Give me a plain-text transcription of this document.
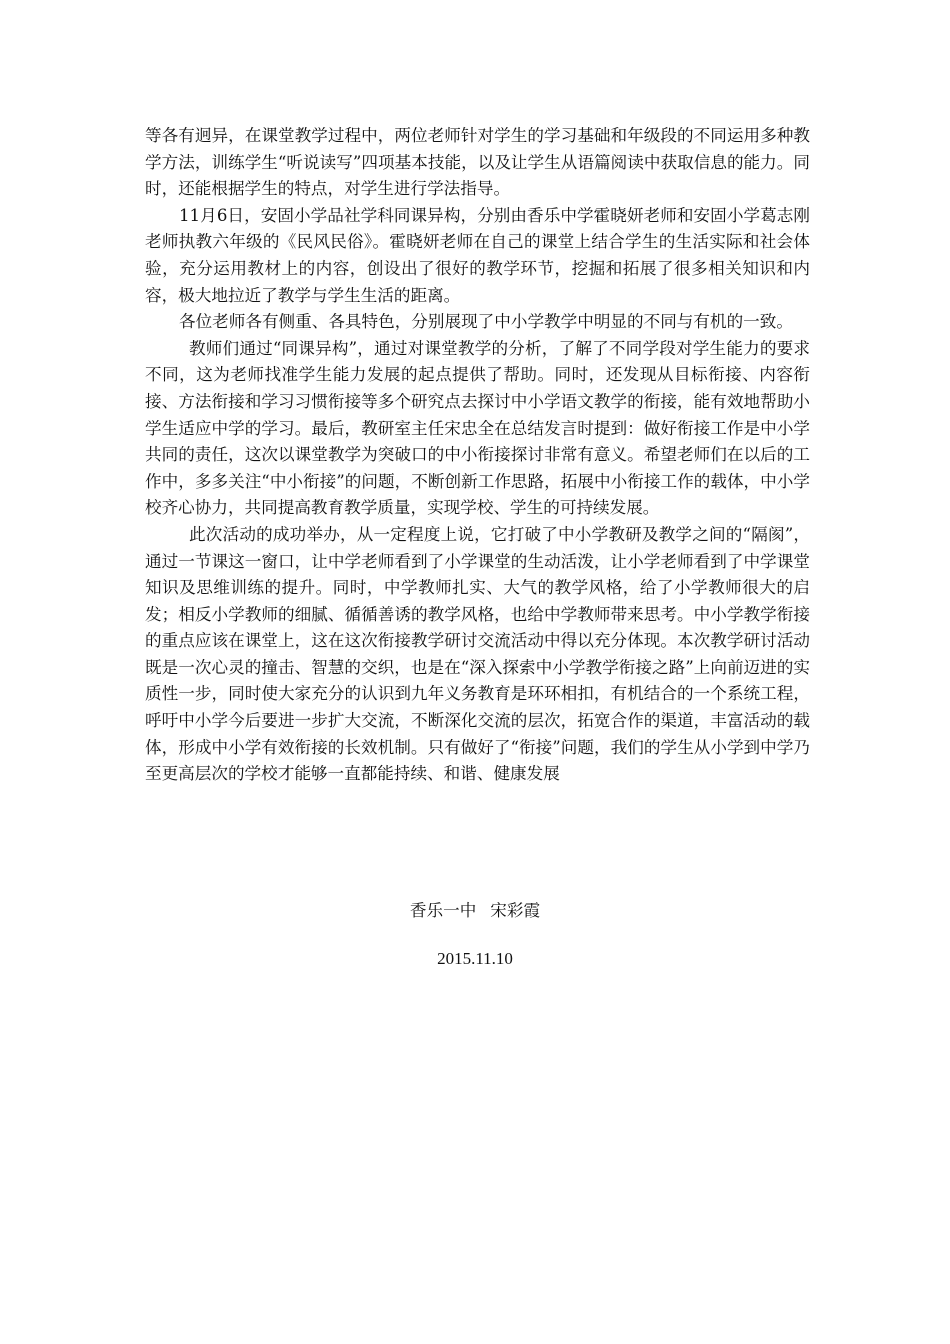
等各有迥异，在课堂教学过程中，两位老师针对学生的学习基础和年级段的不同运用多种教学方法，训练学生“听说读写”四项基本技能，以及让学生从语篇阅读中获取信息的能力。同时，还能根据学生的特点，对学生进行学法指导。

11月6日，安固小学品社学科同课异构，分别由香乐中学霍晓妍老师和安固小学葛志刚老师执教六年级的《民风民俗》。霍晓妍老师在自己的课堂上结合学生的生活实际和社会体验，充分运用教材上的内容，创设出了很好的教学环节，挖掘和拓展了很多相关知识和内容，极大地拉近了教学与学生生活的距离。

各位老师各有侧重、各具特色，分别展现了中小学教学中明显的不同与有机的一致。

教师们通过“同课异构”，通过对课堂教学的分析，了解了不同学段对学生能力的要求不同，这为老师找准学生能力发展的起点提供了帮助。同时，还发现从目标衔接、内容衔接、方法衔接和学习习惯衔接等多个研究点去探讨中小学语文教学的衔接，能有效地帮助小学生适应中学的学习。最后，教研室主任宋忠全在总结发言时提到：做好衔接工作是中小学共同的责任，这次以课堂教学为突破口的中小衔接探讨非常有意义。希望老师们在以后的工作中，多多关注“中小衔接”的问题，不断创新工作思路，拓展中小衔接工作的载体，中小学校齐心协力，共同提高教育教学质量，实现学校、学生的可持续发展。

此次活动的成功举办，从一定程度上说，它打破了中小学教研及教学之间的“隔阂”，通过一节课这一窗口，让中学老师看到了小学课堂的生动活泼，让小学老师看到了中学课堂知识及思维训练的提升。同时，中学教师扎实、大气的教学风格，给了小学教师很大的启发；相反小学教师的细腻、循循善诱的教学风格，也给中学教师带来思考。中小学教学衔接的重点应该在课堂上，这在这次衔接教学研讨交流活动中得以充分体现。本次教学研讨活动既是一次心灵的撞击、智慧的交织，也是在“深入探索中小学教学衔接之路”上向前迈进的实质性一步，同时使大家充分的认识到九年义务教育是环环相扣，有机结合的一个系统工程，呼吁中小学今后要进一步扩大交流，不断深化交流的层次，拓宽合作的渠道，丰富活动的载体，形成中小学有效衔接的长效机制。只有做好了“衔接”问题，我们的学生从小学到中学乃至更高层次的学校才能够一直都能持续、和谐、健康发展

香乐一中 宋彩霞
2015.11.10
